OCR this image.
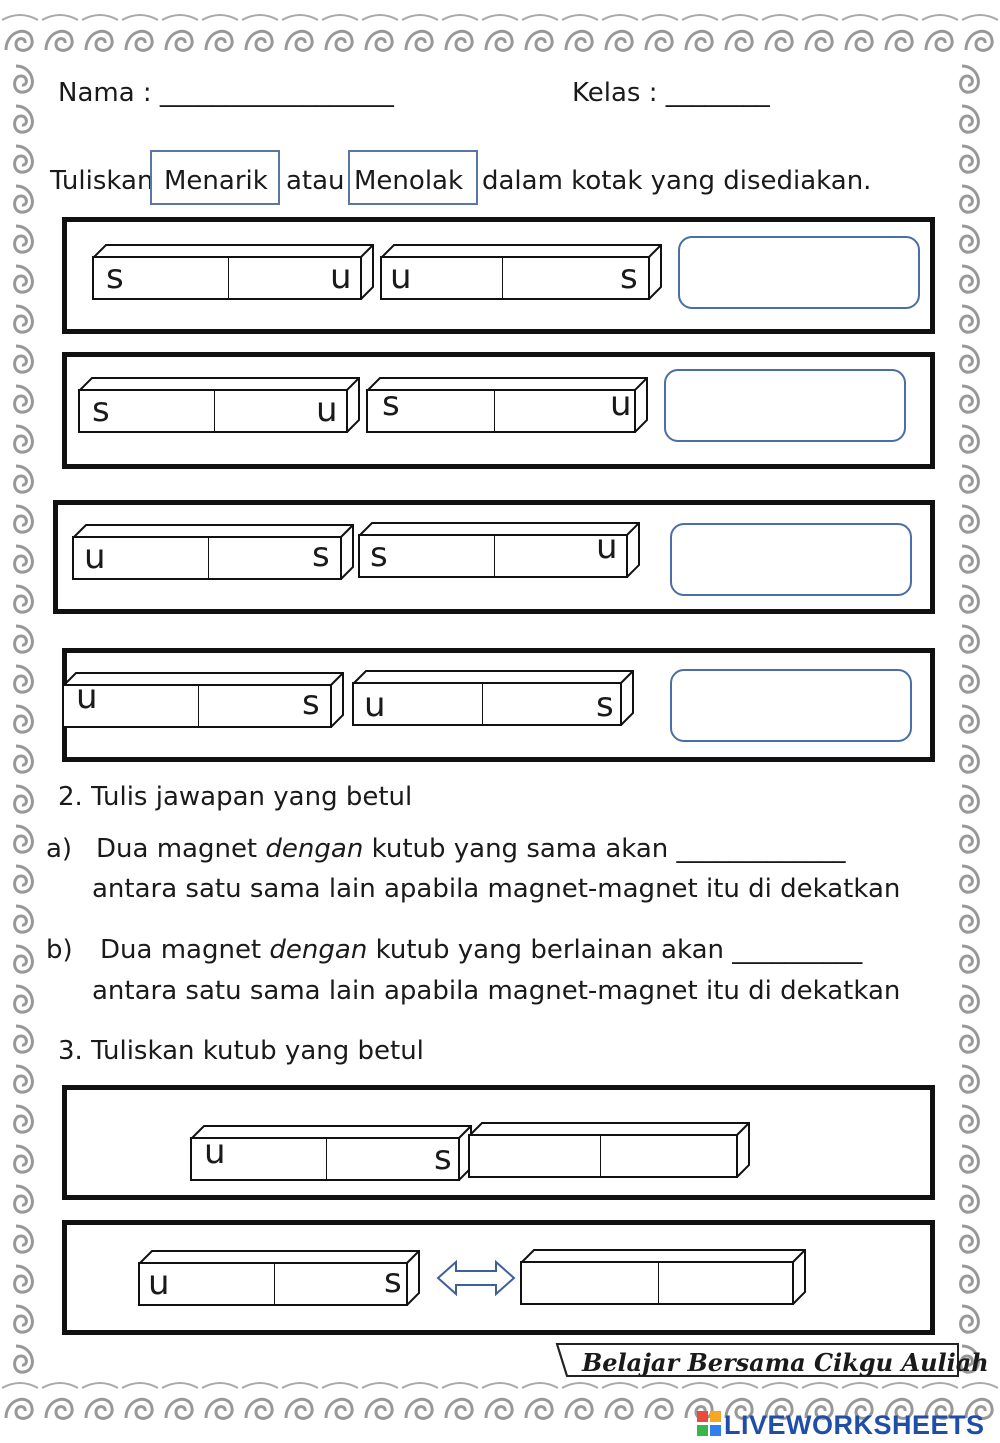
Nama : __________________	Kelas : ________
Tuliskan Menarik atau Menolak dalam kotak yang disediakan.
s	u u	s
s	u s	u
u	s s	u
u	s u	s
2. Tulis jawapan yang betul
a) Dua magnet dengan kutub yang sama akan _____________
antara satu sama lain apabila magnet-magnet itu di dekatkan
b) Dua magnet dengan kutub yang berlainan akan __________
antara satu sama lain apabila magnet-magnet itu di dekatkan
3. Tuliskan kutub yang betul
u	s
u	s
Belajar Bersama Cikgu Auliah
LIVEWORKSHEETS
